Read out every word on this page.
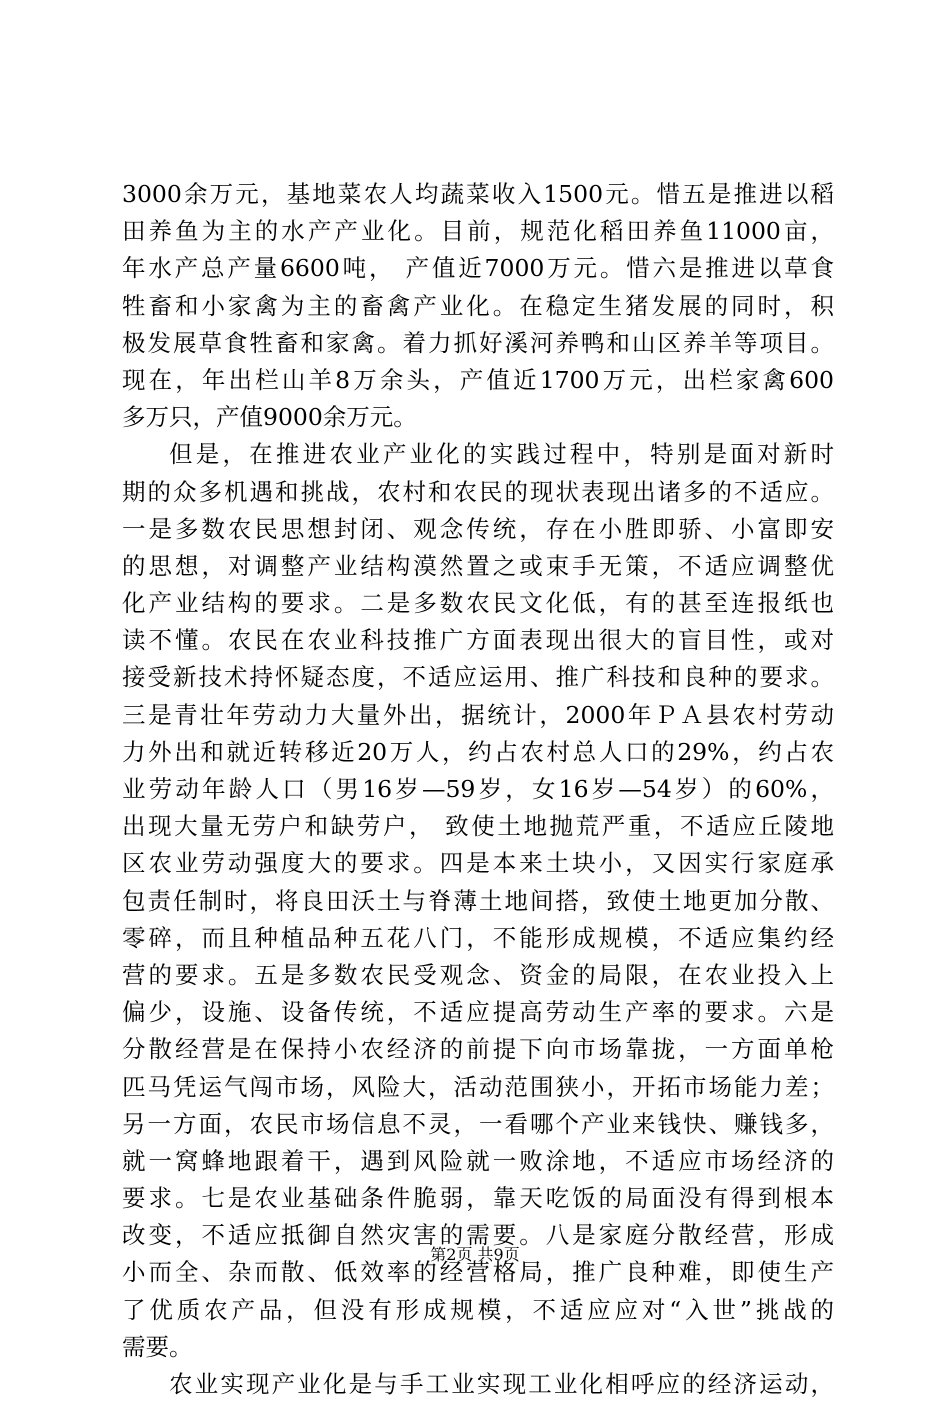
3000余万元，基地菜农人均蔬菜收入1500元。惜五是推进以稻
田养鱼为主的水产产业化。目前，规范化稻田养鱼11000亩，
年水产总产量6600吨， 产值近7000万元。惜六是推进以草食
牲畜和小家禽为主的畜禽产业化。在稳定生猪发展的同时，积
极发展草食牲畜和家禽。着力抓好溪河养鸭和山区养羊等项目。
现在，年出栏山羊8万余头，产值近1700万元，出栏家禽600
多万只，产值9000余万元。
但是，在推进农业产业化的实践过程中，特别是面对新时
期的众多机遇和挑战，农村和农民的现状表现出诸多的不适应。
一是多数农民思想封闭、观念传统，存在小胜即骄、小富即安
的思想，对调整产业结构漠然置之或束手无策，不适应调整优
化产业结构的要求。二是多数农民文化低，有的甚至连报纸也
读不懂。农民在农业科技推广方面表现出很大的盲目性，或对
接受新技术持怀疑态度，不适应运用、推广科技和良种的要求。
三是青壮年劳动力大量外出，据统计，2000年ＰＡ县农村劳动
力外出和就近转移近20万人，约占农村总人口的29%，约占农
业劳动年龄人口（男16岁—59岁，女16岁—54岁）的60%，
出现大量无劳户和缺劳户， 致使土地抛荒严重，不适应丘陵地
区农业劳动强度大的要求。四是本来土块小，又因实行家庭承
包责任制时，将良田沃土与脊薄土地间搭，致使土地更加分散、
零碎，而且种植品种五花八门，不能形成规模，不适应集约经
营的要求。五是多数农民受观念、资金的局限，在农业投入上
偏少，设施、设备传统，不适应提高劳动生产率的要求。六是
分散经营是在保持小农经济的前提下向市场靠拢，一方面单枪
匹马凭运气闯市场，风险大，活动范围狭小，开拓市场能力差；
另一方面，农民市场信息不灵，一看哪个产业来钱快、赚钱多，
就一窝蜂地跟着干，遇到风险就一败涂地，不适应市场经济的
要求。七是农业基础条件脆弱，靠天吃饭的局面没有得到根本
改变，不适应抵御自然灾害的需要。八是家庭分散经营，形成
小而全、杂而散、低效率的经营格局，推广良种难，即使生产
了优质农产品，但没有形成规模，不适应应对“入世”挑战的
需要。
农业实现产业化是与手工业实现工业化相呼应的经济运动，
第2页 共9页
